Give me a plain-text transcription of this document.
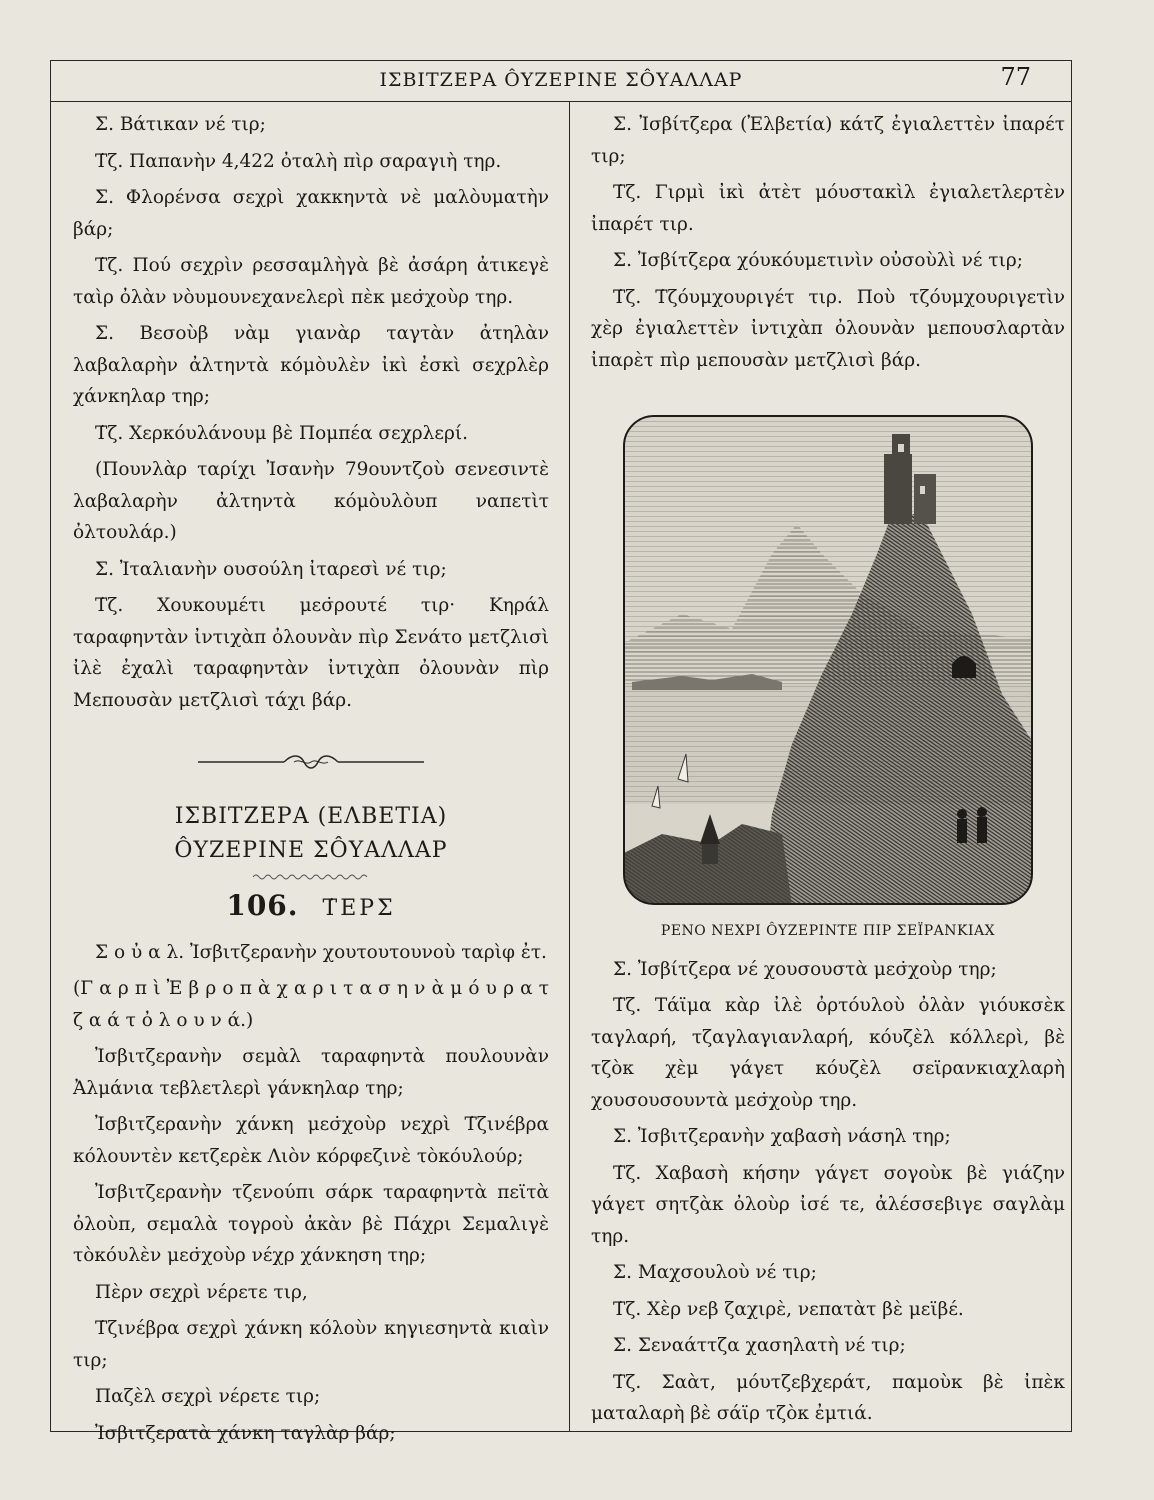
ΙΣΒΙΤΖΕΡΑ ÔΥΖΕΡΙΝΕ ΣÔΥΑΛΛΑΡ	77

Σ. Βάτικαν νέ τιρ;

Τ̇ζ. Παπανὴν 4,422 ὀταλὴ πὶρ σαραγιὴ τηρ.

Σ. Φλορένσα σεχρὶ χακκηντὰ νὲ μαλὸυματὴν βάρ;

Τ̇ζ. Πού σεχρὶν ρεσσαμλὴγὰ βὲ ἀσάρη ἀτικεγὲ ταὶρ ὀλὰν νὸυμουνεχανελερὶ πὲκ μεσ̇χοὺρ τηρ.

Σ. Βεσοὺβ νὰμ γιανὰρ ταγτὰν ἀτηλὰν λαβαλαρὴν ἀλτηντὰ κόμὸυλὲν ἰκὶ ἐσκὶ σεχρλὲρ χάνκηλαρ τηρ;

Τ̇ζ. Χερκόυλάνουμ βὲ Πομπέα σεχρλερί.

(Πουνλὰρ ταρίχι Ἰσανὴν 79ουντζοὺ σενεσιντὲ λαβαλαρὴν ἀλτηντὰ κόμὸυλὸυπ ναπετὶτ ὀλτουλάρ.)

Σ. Ἰταλιανὴν ουσούλη ἰταρεσὶ νέ τιρ;

Τ̇ζ. Χουκουμέτι μεσ̇ρουτέ τιρ· Κηράλ ταραφηντὰν ἰντιχὰπ ὀλουνὰν πὶρ Σενάτο μετζλισὶ ἰλὲ ἐχαλὶ ταραφηντὰν ἰντιχὰπ ὀλουνὰν πὶρ Μεπουσὰν μετζλισὶ τάχι βάρ.

ΙΣΒΙΤΖΕΡΑ (ΕΛΒΕΤΙΑ)

ÔΥΖΕΡΙΝΕ ΣÔΥΑΛΛΑΡ

106. Τ̇ΕΡΣ

Σ ο ὐ α λ. Ἰσβιτζερανὴν χουτουτουνοὺ ταρὶφ ἐτ.

(Γ α ρ π ὶ Ἐ β ρ ο π ὰ χ α ρ ι τ α σ η ν ὰ μ ό υ ρ α τ ζ α ά τ ὀ λ ο υ ν ά.)

Ἰσβιτζερανὴν σεμὰλ ταραφηντὰ πουλουνὰν Ἀλμάνια τεβλετλερὶ γάνκηλαρ τηρ;

Ἰσβιτζερανὴν χάνκη μεσ̇χοὺρ νεχρὶ Τ̇ζινέβρα κόλουντὲν κετζερὲκ Λιὸν κόρφεζινὲ τὸκόυλούρ;

Ἰσβιτζερανὴν τζενούπι σάρκ ταραφηντὰ πεϊτὰ ὀλοὺπ, σεμαλὰ τογροὺ ἀκὰν βὲ Πάχρι Σεμαλιγὲ τὸκόυλὲν μεσ̇χοὺρ νέχρ χάνκηση τηρ;

Πὲρν σεχρὶ νέρετε τιρ,

Τ̇ζινέβρα σεχρὶ χάνκη κόλοὺν κηγιεσηντὰ κιαὶν τιρ;

Παζὲλ σεχρὶ νέρετε τιρ;

Ἰσβιτζερατὰ χάνκη ταγλὰρ βάρ;

Σ. Ἰσβίτζερα (Ἐλβετία) κάτζ ἐγιαλεττὲν ἰπαρέτ τιρ;

Τ̇ζ. Γιρμὶ ἰκὶ ἀτὲτ μόυστακὶλ ἐγιαλετλερτὲν ἰπαρέτ τιρ.

Σ. Ἰσβίτζερα χόυκόυμετινὶν οὐσοὺλὶ νέ τιρ;

Τ̇ζ. Τ̇ζόυμχουριγέτ τιρ. Ποὺ τζόυμχουριγετὶν χὲρ ἐγιαλεττὲν ἰντιχὰπ ὀλουνὰν μεπουσλαρτὰν ἰπαρὲτ πὶρ μεπουσὰν μετζλισὶ βάρ.

ΡΕΝΟ ΝΕΧΡΙ ÔΥΖΕΡΙΝΤ̇Ε ΠΙΡ ΣΕΪΡΑΝΚ̇ΙΑΧ

Σ. Ἰσβίτζερα νέ χουσουστὰ μεσ̇χοὺρ τηρ;

Τ̇ζ. Τάϊμα κὰρ ἰλὲ ὀρτόυλοὺ ὀλὰν γιόυκσὲκ ταγλαρή, τζαγλαγιανλαρή, κόυζὲλ κόλλερὶ, βὲ τζὸκ χὲμ γάγετ κόυζὲλ σεϊρανκιαχλαρὴ χουσουσουντὰ μεσ̇χοὺρ τηρ.

Σ. Ἰσβιτζερανὴν χαβασὴ νάσηλ τηρ;

Τ̇ζ. Χαβασὴ κήσην γάγετ σογοὺκ βὲ γιάζην γάγετ σητζὰκ ὀλοὺρ ἰσέ τε, ἀλέσσεβιγε σαγλὰμ τηρ.

Σ. Μαχσουλοὺ νέ τιρ;

Τ̇ζ. Χὲρ νεβ ζαχιρὲ, νεπατὰτ βὲ μεϊβέ.

Σ. Σεναάττζα χασηλατὴ νέ τιρ;

Τ̇ζ. Σαὰτ, μόυτζεβχεράτ, παμοὺκ βὲ ἰπὲκ ματαλαρὴ βὲ σάϊρ τζὸκ ἐμτιά.
